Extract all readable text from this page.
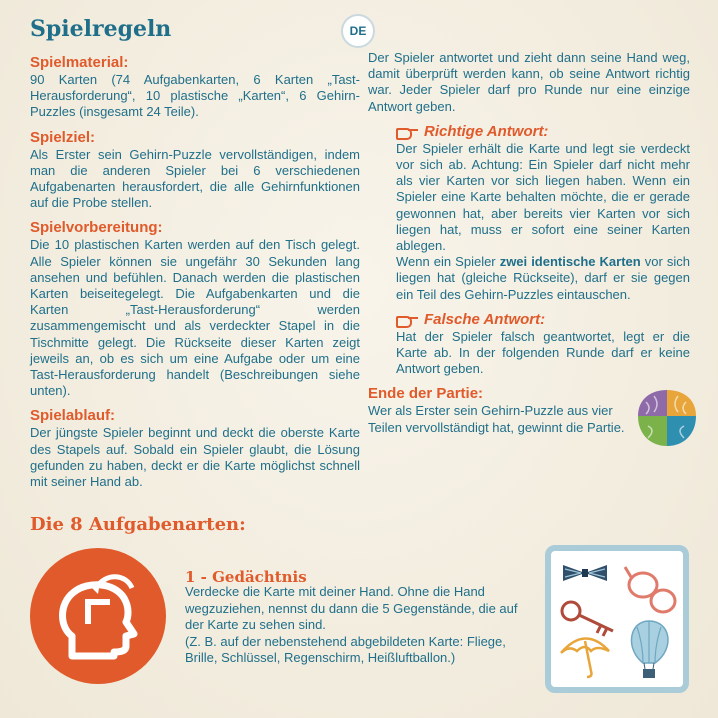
Spielregeln	DE
Spielmaterial:
90 Karten (74 Aufgabenkarten, 6 Karten „Tast-Herausforderung“, 10 plastische „Karten“, 6 Gehirn-Puzzles (insgesamt 24 Teile).
Spielziel:
Als Erster sein Gehirn-Puzzle vervollständigen, indem man die anderen Spieler bei 6 verschiedenen Aufgabenarten herausfordert, die alle Gehirnfunktionen auf die Probe stellen.
Spielvorbereitung:
Die 10 plastischen Karten werden auf den Tisch gelegt. Alle Spieler können sie ungefähr 30 Sekunden lang ansehen und befühlen. Danach werden die plastischen Karten beiseitegelegt. Die Aufgabenkarten und die Karten „Tast-Herausforderung“ werden zusammengemischt und als verdeckter Stapel in die Tischmitte gelegt. Die Rückseite dieser Karten zeigt jeweils an, ob es sich um eine Aufgabe oder um eine Tast-Herausforderung handelt (Beschreibungen siehe unten).
Spielablauf:
Der jüngste Spieler beginnt und deckt die oberste Karte des Stapels auf. Sobald ein Spieler glaubt, die Lösung gefunden zu haben, deckt er die Karte möglichst schnell mit seiner Hand ab.
Der Spieler antwortet und zieht dann seine Hand weg, damit überprüft werden kann, ob seine Antwort richtig war. Jeder Spieler darf pro Runde nur eine einzige Antwort geben.
Richtige Antwort:
Der Spieler erhält die Karte und legt sie verdeckt vor sich ab. Achtung: Ein Spieler darf nicht mehr als vier Karten vor sich liegen haben. Wenn ein Spieler eine Karte behalten möchte, die er gerade gewonnen hat, aber bereits vier Karten vor sich liegen hat, muss er sofort eine seiner Karten ablegen.
Wenn ein Spieler zwei identische Karten vor sich liegen hat (gleiche Rückseite), darf er sie gegen ein Teil des Gehirn-Puzzles eintauschen.
Falsche Antwort:
Hat der Spieler falsch geantwortet, legt er die Karte ab. In der folgenden Runde darf er keine Antwort geben.
Ende der Partie:
Wer als Erster sein Gehirn-Puzzle aus vier Teilen vervollständigt hat, gewinnt die Partie.
Die 8 Aufgabenarten:
1 - Gedächtnis
Verdecke die Karte mit deiner Hand. Ohne die Hand wegzuziehen, nennst du dann die 5 Gegenstände, die auf der Karte zu sehen sind.
(Z. B. auf der nebenstehend abgebildeten Karte: Fliege, Brille, Schlüssel, Regenschirm, Heißluftballon.)
